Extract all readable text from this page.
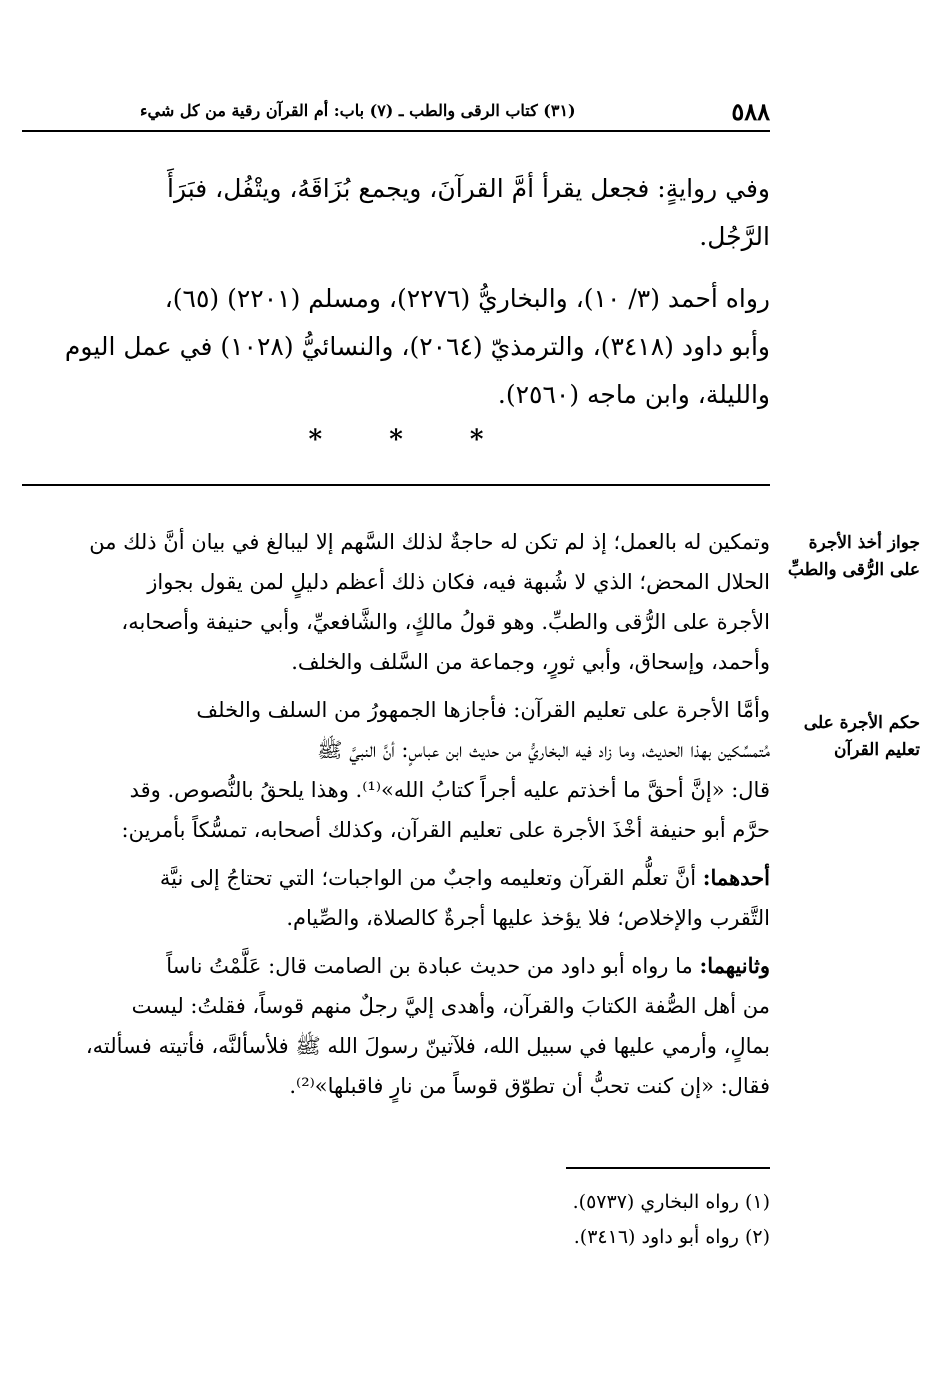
٥٨٨
(٣١) كتاب الرقى والطب ـ (٧) باب: أم القرآن رقية من كل شيء

وفي روايةٍ: فجعل يقرأ أمَّ القرآنَ، ويجمع بُزَاقَهُ، ويتْفُل، فبَرَأَ

الرَّجُل.

رواه أحمد (٣/ ١٠)، والبخاريُّ (٢٢٧٦)، ومسلم (٢٢٠١) (٦٥)،

وأبو داود (٣٤١٨)، والترمذيّ (٢٠٦٤)، والنسائيُّ (١٠٢٨) في عمل اليوم

والليلة، وابن ماجه (٢٥٦٠).

* * *
جواز أخذ الأجرة على الرُّقى والطبِّ
حكم الأجرة على تعليم القرآن

وتمكين له بالعمل؛ إذ لم تكن له حاجةٌ لذلك السَّهم إلا ليبالغ في بيان أنَّ ذلك من

الحلال المحض؛ الذي لا شُبهة فيه، فكان ذلك أعظم دليلٍ لمن يقول بجواز

الأجرة على الرُّقى والطبِّ. وهو قولُ مالكٍ، والشَّافعيِّ، وأبي حنيفة وأصحابه،

وأحمد، وإسحاق، وأبي ثورٍ، وجماعة من السَّلف والخلف.

وأمَّا الأجرة على تعليم القرآن: فأجازها الجمهورُ من السلف والخلف

مُتمسِّكين بهذا الحديث، وما زاد فيه البخاريُّ من حديث ابن عباسٍ: أنَّ النبيَّ ﷺ

قال: «إنَّ أحقَّ ما أخذتم عليه أجراً كتابُ الله»⁽¹⁾. وهذا يلحقُ بالنُّصوص. وقد

حرَّم أبو حنيفة أخْذَ الأجرة على تعليم القرآن، وكذلك أصحابه، تمسُّكاً بأمرين:

أحدهما: أنَّ تعلُّم القرآن وتعليمه واجبٌ من الواجبات؛ التي تحتاجُ إلى نيَّة

التَّقرب والإخلاص؛ فلا يؤخذ عليها أجرةٌ كالصلاة، والصِّيام.

وثانيهما: ما رواه أبو داود من حديث عبادة بن الصامت قال: عَلَّمْتُ ناساً

من أهل الصُّفة الكتابَ والقرآن، وأهدى إليَّ رجلٌ منهم قوساً، فقلتُ: ليست

بمالٍ، وأرمي عليها في سبيل الله، فلآتينّ رسولَ الله ﷺ فلأسألنَّه، فأتيته فسألته،

فقال: «إن كنت تحبُّ أن تطوّق قوساً من نارٍ فاقبلها»⁽²⁾.

(١) رواه البخاري (٥٧٣٧).

(٢) رواه أبو داود (٣٤١٦).
